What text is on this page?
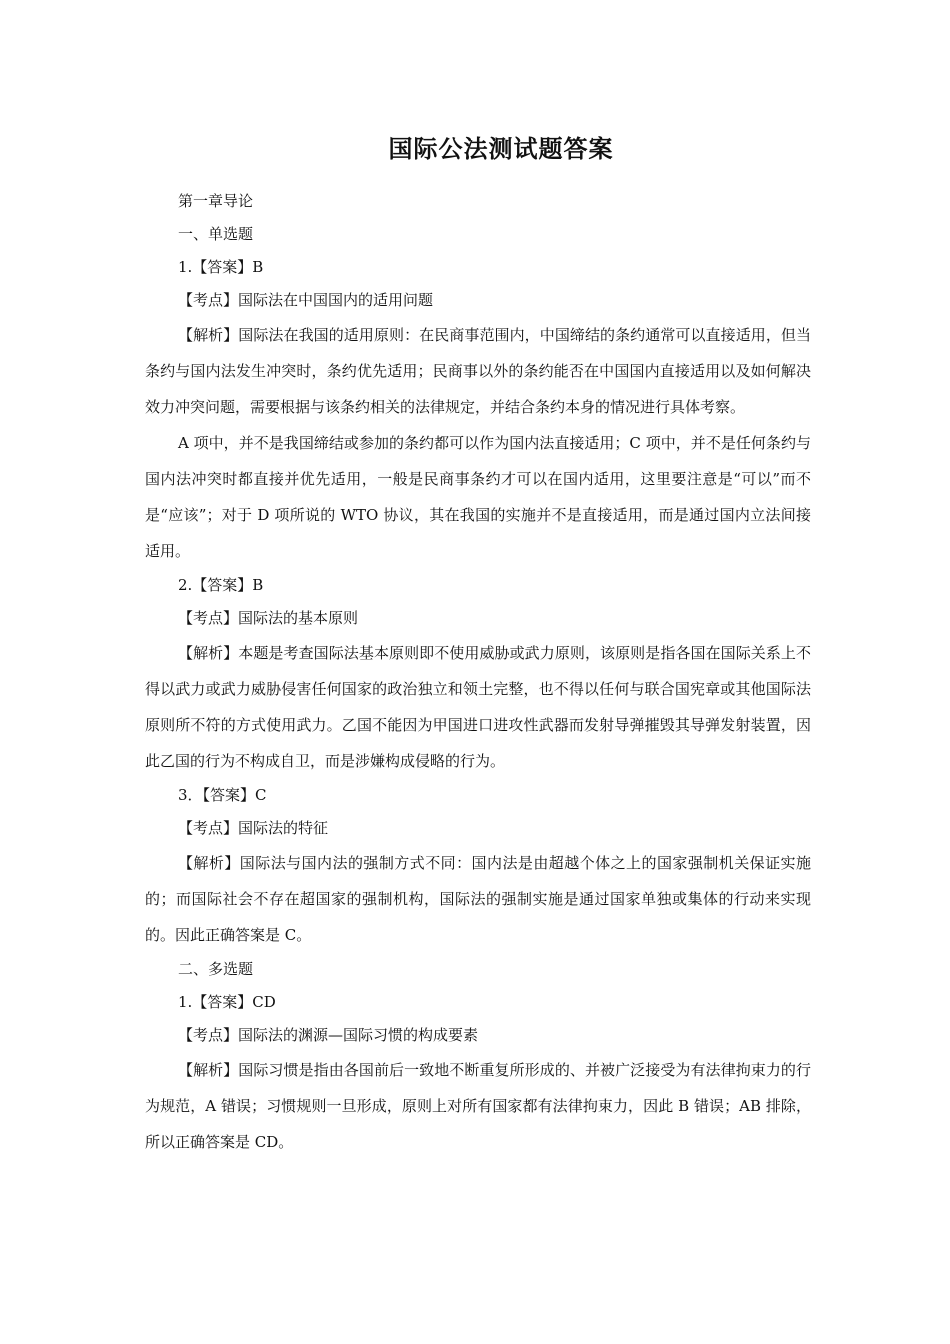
国际公法测试题答案
第一章导论
一、单选题
1.【答案】B
【考点】国际法在中国国内的适用问题

【解析】国际法在我国的适用原则：在民商事范围内，中国缔结的条约通常可以直接适用，但当条约与国内法发生冲突时，条约优先适用；民商事以外的条约能否在中国国内直接适用以及如何解决效力冲突问题，需要根据与该条约相关的法律规定，并结合条约本身的情况进行具体考察。

A 项中，并不是我国缔结或参加的条约都可以作为国内法直接适用；C 项中，并不是任何条约与国内法冲突时都直接并优先适用，一般是民商事条约才可以在国内适用，这里要注意是“可以”而不是“应该”；对于 D 项所说的 WTO 协议，其在我国的实施并不是直接适用，而是通过国内立法间接适用。

2.【答案】B
【考点】国际法的基本原则

【解析】本题是考查国际法基本原则即不使用威胁或武力原则，该原则是指各国在国际关系上不得以武力或武力威胁侵害任何国家的政治独立和领土完整，也不得以任何与联合国宪章或其他国际法原则所不符的方式使用武力。乙国不能因为甲国进口进攻性武器而发射导弹摧毁其导弹发射装置，因此乙国的行为不构成自卫，而是涉嫌构成侵略的行为。

3．【答案】C
【考点】国际法的特征

【解析】国际法与国内法的强制方式不同：国内法是由超越个体之上的国家强制机关保证实施的；而国际社会不存在超国家的强制机构，国际法的强制实施是通过国家单独或集体的行动来实现的。因此正确答案是 C。

二、多选题
1.【答案】CD
【考点】国际法的渊源—国际习惯的构成要素

【解析】国际习惯是指由各国前后一致地不断重复所形成的、并被广泛接受为有法律拘束力的行为规范，A 错误；习惯规则一旦形成，原则上对所有国家都有法律拘束力，因此 B 错误；AB 排除，所以正确答案是 CD。
